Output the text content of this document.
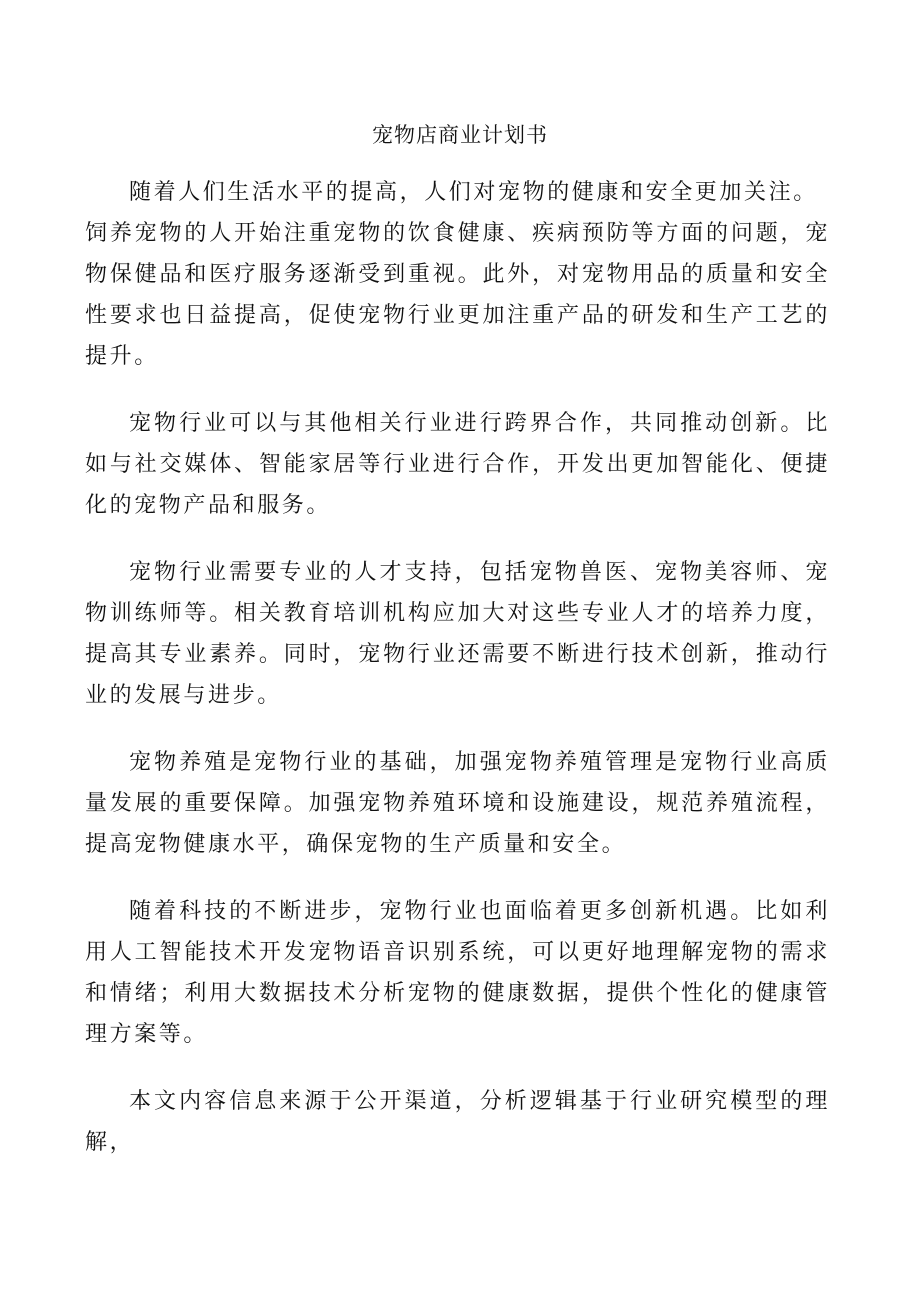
宠物店商业计划书

随着人们生活水平的提高，人们对宠物的健康和安全更加关注。

饲养宠物的人开始注重宠物的饮食健康、疾病预防等方面的问题，宠物保健品和医疗服务逐渐受到重视。此外，对宠物用品的质量和安全性要求也日益提高，促使宠物行业更加注重产品的研发和生产工艺的提升。

宠物行业可以与其他相关行业进行跨界合作，共同推动创新。比如与社交媒体、智能家居等行业进行合作，开发出更加智能化、便捷化的宠物产品和服务。

宠物行业需要专业的人才支持，包括宠物兽医、宠物美容师、宠物训练师等。相关教育培训机构应加大对这些专业人才的培养力度，提高其专业素养。同时，宠物行业还需要不断进行技术创新，推动行业的发展与进步。

宠物养殖是宠物行业的基础，加强宠物养殖管理是宠物行业高质量发展的重要保障。加强宠物养殖环境和设施建设，规范养殖流程，提高宠物健康水平，确保宠物的生产质量和安全。

随着科技的不断进步，宠物行业也面临着更多创新机遇。比如利用人工智能技术开发宠物语音识别系统，可以更好地理解宠物的需求和情绪；利用大数据技术分析宠物的健康数据，提供个性化的健康管理方案等。

本文内容信息来源于公开渠道，分析逻辑基于行业研究模型的理解，
